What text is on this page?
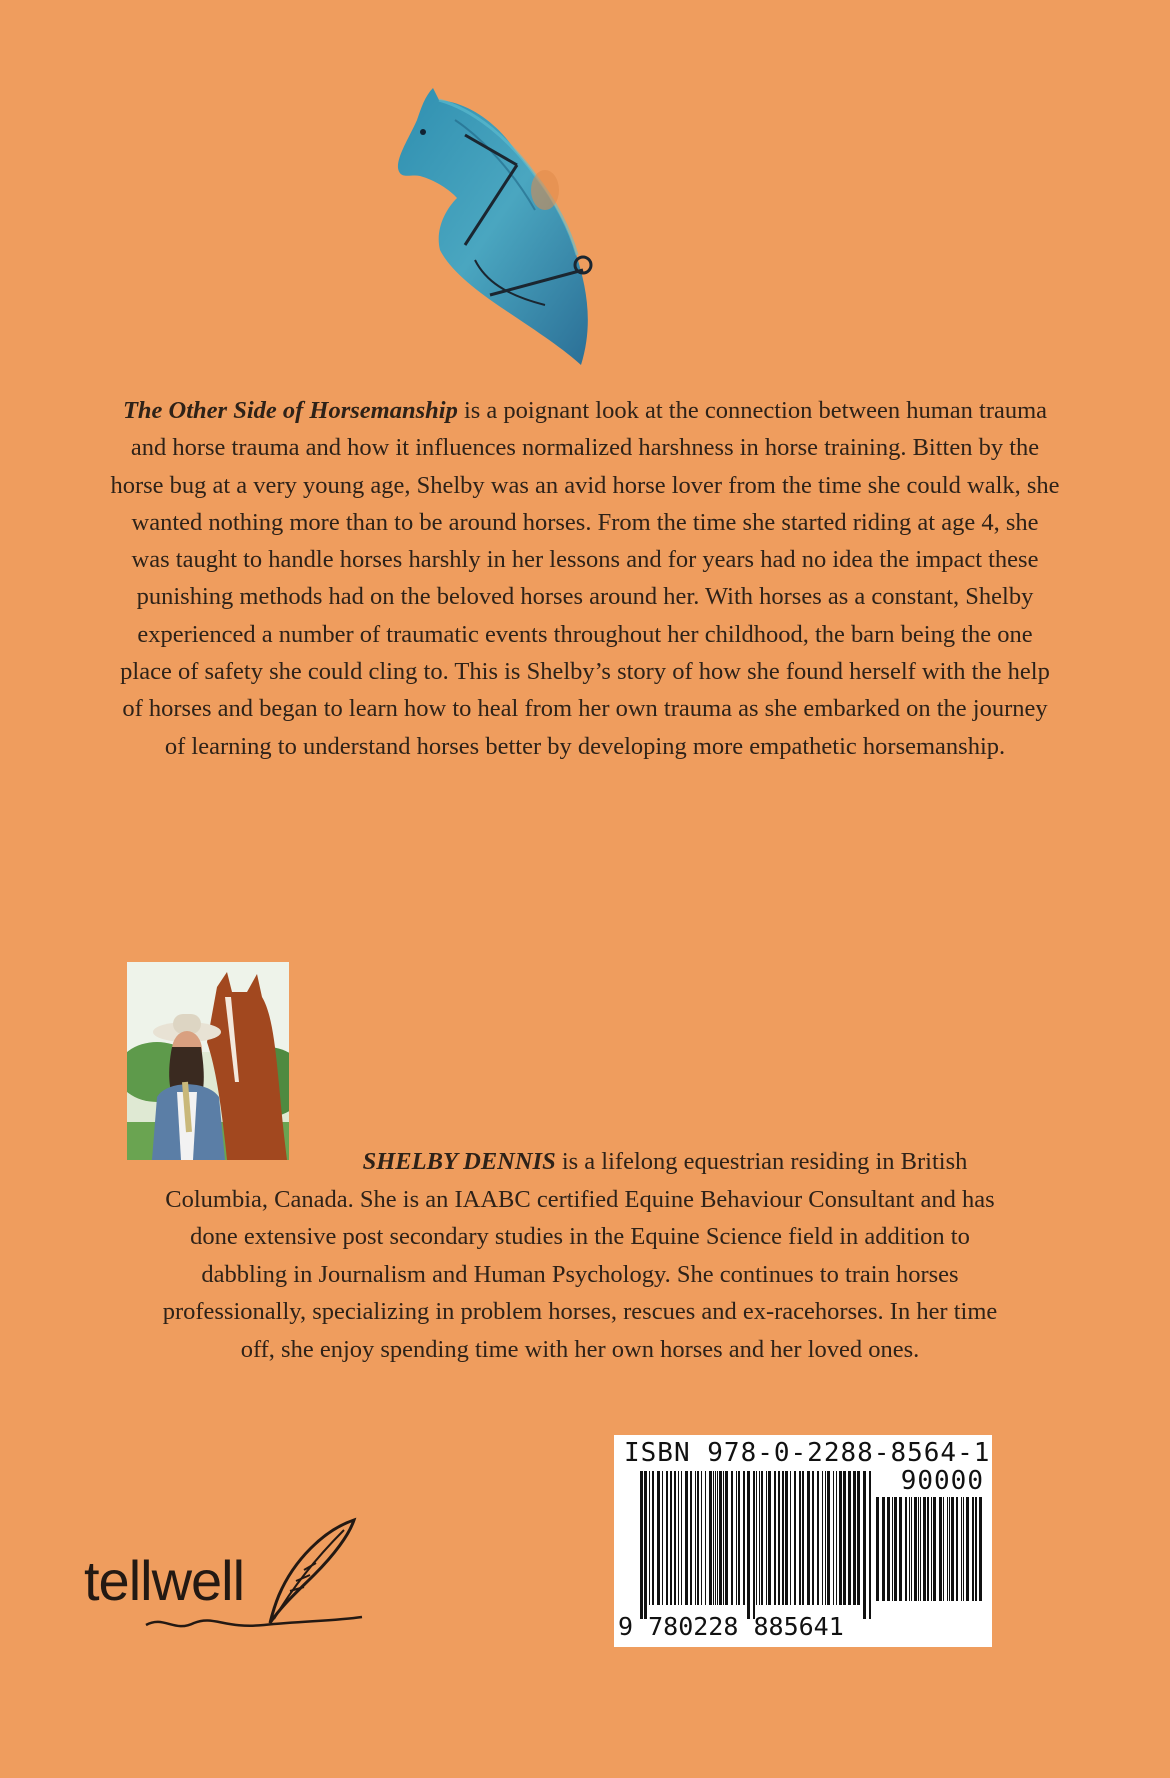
The Other Side of Horsemanship is a poignant look at the connection between human trauma and horse trauma and how it influences normalized harshness in horse training. Bitten by the horse bug at a very young age, Shelby was an avid horse lover from the time she could walk, she wanted nothing more than to be around horses. From the time she started riding at age 4, she was taught to handle horses harshly in her lessons and for years had no idea the impact these punishing methods had on the beloved horses around her. With horses as a constant, Shelby experienced a number of traumatic events throughout her childhood, the barn being the one place of safety she could cling to. This is Shelby’s story of how she found herself with the help of horses and began to learn how to heal from her own trauma as she embarked on the journey of learning to understand horses better by developing more empathetic horsemanship.

SHELBY DENNIS is a lifelong equestrian residing in British Columbia, Canada. She is an IAABC certified Equine Behaviour Consultant and has done extensive post secondary studies in the Equine Science field in addition to dabbling in Journalism and Human Psychology. She continues to train horses professionally, specializing in problem horses, rescues and ex-racehorses. In her time off, she enjoy spending time with her own horses and her loved ones.

ISBN 978-0-2288-8564-1
90000
9 780228 885641
tellwell
